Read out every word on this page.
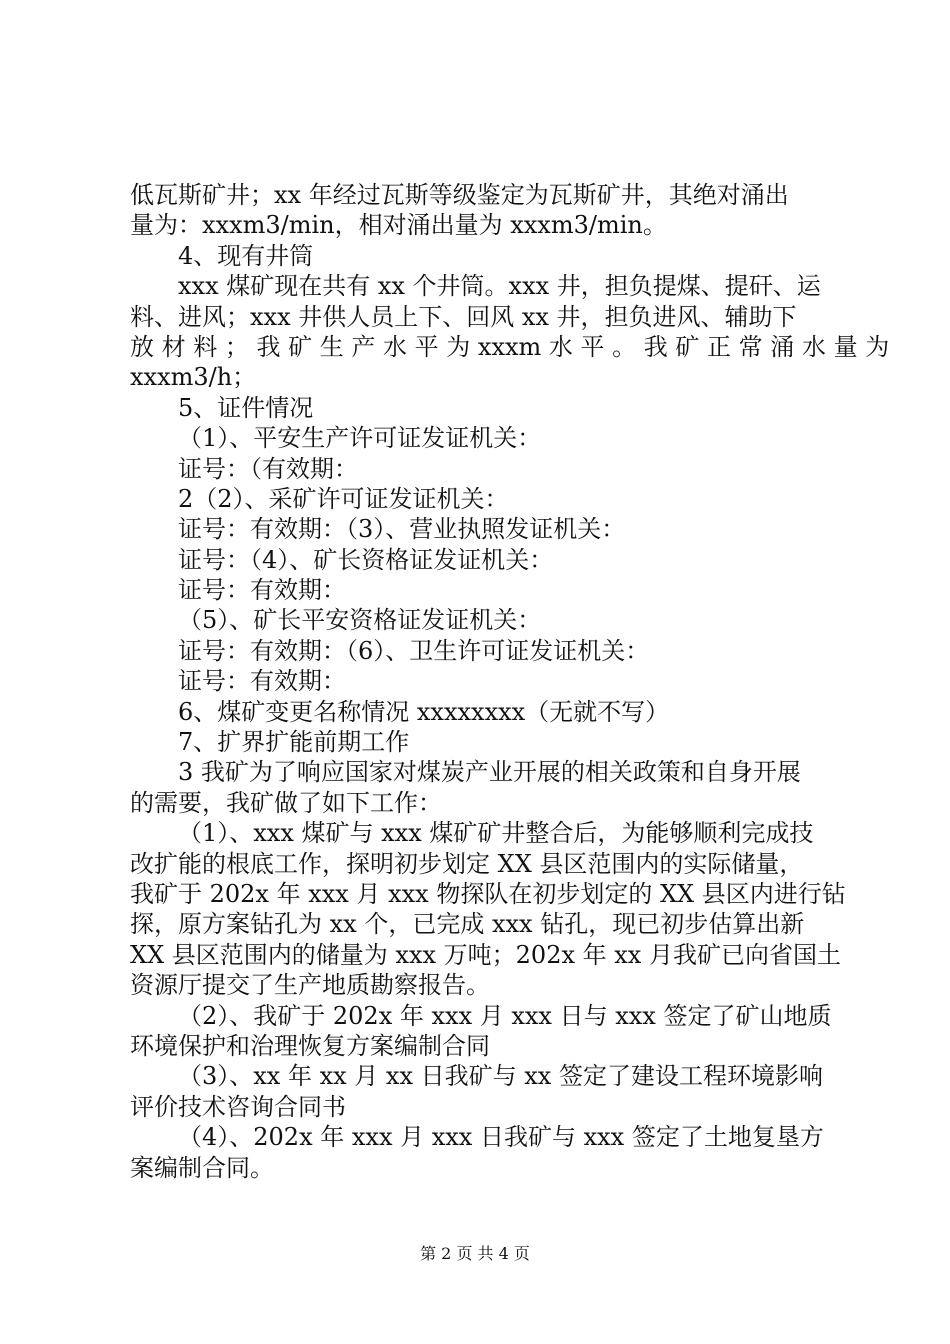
低瓦斯矿井；xx 年经过瓦斯等级鉴定为瓦斯矿井，其绝对涌出
量为：xxxm3/min，相对涌出量为 xxxm3/min。
4、现有井筒
xxx 煤矿现在共有 xx 个井筒。xxx 井，担负提煤、提矸、运
料、进风；xxx 井供人员上下、回风 xx 井，担负进风、辅助下
放 材 料 ； 我 矿 生 产 水 平 为 xxxm 水 平 。 我 矿 正 常 涌 水 量 为
xxxm3/h；
5、证件情况
（1）、平安生产许可证发证机关：
证号：（有效期：
2（2）、采矿许可证发证机关：
证号：有效期：（3）、营业执照发证机关：
证号：（4）、矿长资格证发证机关：
证号：有效期：
（5）、矿长平安资格证发证机关：
证号：有效期：（6）、卫生许可证发证机关：
证号：有效期：
6、煤矿变更名称情况 xxxxxxxx（无就不写）
7、扩界扩能前期工作
3 我矿为了响应国家对煤炭产业开展的相关政策和自身开展
的需要，我矿做了如下工作：
（1）、xxx 煤矿与 xxx 煤矿矿井整合后，为能够顺利完成技
改扩能的根底工作，探明初步划定 XX 县区范围内的实际储量，
我矿于 202x 年 xxx 月 xxx 物探队在初步划定的 XX 县区内进行钻
探，原方案钻孔为 xx 个，已完成 xxx 钻孔，现已初步估算出新
XX 县区范围内的储量为 xxx 万吨；202x 年 xx 月我矿已向省国土
资源厅提交了生产地质勘察报告。
（2）、我矿于 202x 年 xxx 月 xxx 日与 xxx 签定了矿山地质
环境保护和治理恢复方案编制合同
（3）、xx 年 xx 月 xx 日我矿与 xx 签定了建设工程环境影响
评价技术咨询合同书
（4）、202x 年 xxx 月 xxx 日我矿与 xxx 签定了土地复垦方
案编制合同。
第 2 页 共 4 页
